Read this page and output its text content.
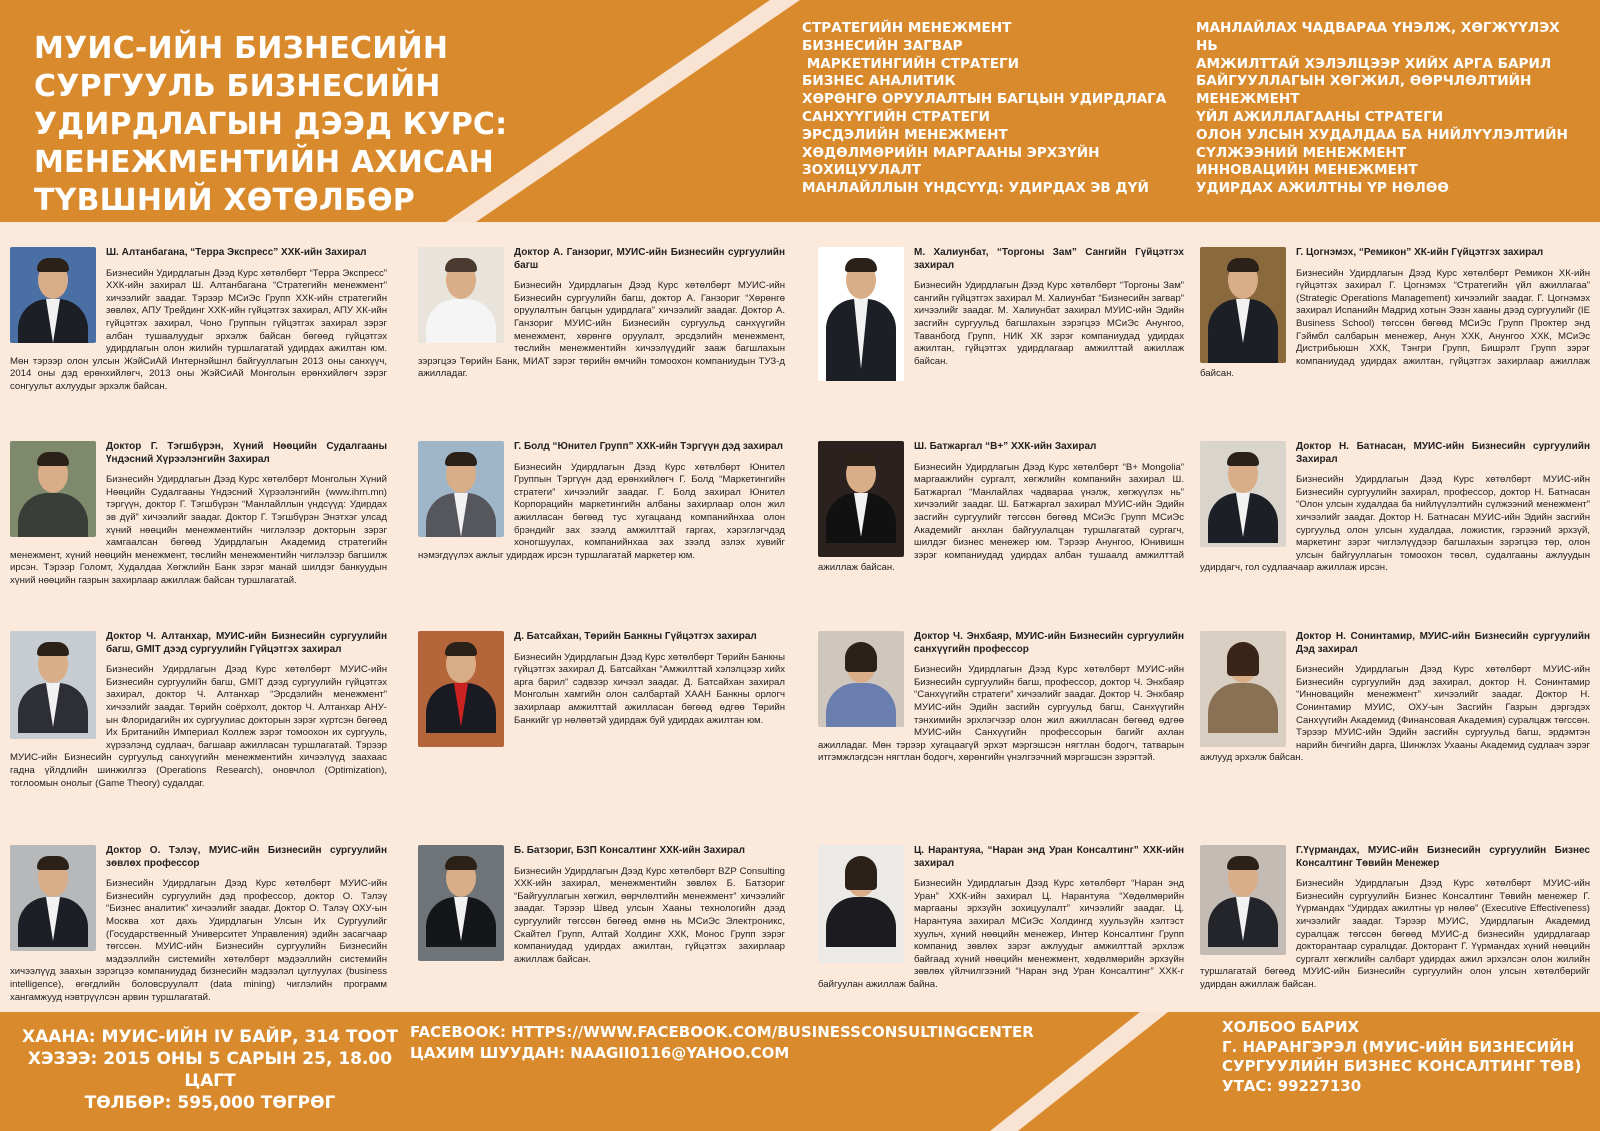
МУИС-ИЙН БИЗНЕСИЙН СУРГУУЛЬ БИЗНЕСИЙН УДИРДЛАГЫН ДЭЭД КУРС: МЕНЕЖМЕНТИЙН АХИСАН ТҮВШНИЙ ХӨТӨЛБӨР
СТРАТЕГИЙН МЕНЕЖМЕНТ
БИЗНЕСИЙН ЗАГВАР
МАРКЕТИНГИЙН СТРАТЕГИ
БИЗНЕС АНАЛИТИК
ХӨРӨНГӨ ОРУУЛАЛТЫН БАГЦЫН УДИРДЛАГА
САНХҮҮГИЙН СТРАТЕГИ
ЭРСДЭЛИЙН МЕНЕЖМЕНТ
ХӨДӨЛМӨРИЙН МАРГААНЫ ЭРХЗҮЙН
ЗОХИЦУУЛАЛТ
МАНЛАЙЛЛЫН ҮНДСҮҮД: УДИРДАХ ЭВ ДҮЙ
МАНЛАЙЛАХ ЧАДВАРАА ҮНЭЛЖ, ХӨГЖҮҮЛЭХ НЬ
АМЖИЛТТАЙ ХЭЛЭЛЦЭЭР ХИЙХ АРГА БАРИЛ
БАЙГУУЛЛАГЫН ХӨГЖИЛ, ӨӨРЧЛӨЛТИЙН МЕНЕЖМЕНТ
ҮЙЛ АЖИЛЛАГААНЫ СТРАТЕГИ
ОЛОН УЛСЫН ХУДАЛДАА БА НИЙЛҮҮЛЭЛТИЙН СҮЛЖЭЭНИЙ МЕНЕЖМЕНТ
ИННОВАЦИЙН МЕНЕЖМЕНТ
УДИРДАХ АЖИЛТНЫ ҮР НӨЛӨӨ
Ш. Алтанбагана, “Терра Экспресс” ХХК-ийн Захирал

Бизнесийн Удирдлагын Дээд Курс хөтөлбөрт “Терра Экспресс” ХХК-ийн захирал Ш. Алтанбагана “Стратегийн менежмент” хичээлийг заадаг. Тэрээр МСиЭс Групп ХХК-ийн стратегийн зөвлөх, АПУ Трейдинг ХХК-ийн гүйцэтгэх захирал, АПУ ХК-ийн гүйцэтгэх захирал, Чоно Группын гүйцэтгэх захирал зэрэг албан тушаалуудыг эрхэлж байсан бөгөөд гүйцэтгэх удирдлагын олон жилийн туршлагатай удирдах ажилтан юм. Мөн тэрээр олон улсын ЖэйСиАй Интернэйшнл байгууллагын 2013 оны санхүүч, 2014 оны дэд ерөнхийлөгч, 2013 оны ЖэйСиАй Монголын ерөнхийлөгч зэрэг сонгуульт ахлуудыг эрхэлж байсан.

Доктор А. Ганзориг, МУИС-ийн Бизнесийн сургуулийн багш

Бизнесийн Удирдлагын Дээд Курс хөтөлбөрт МУИС-ийн Бизнесийн сургуулийн багш, доктор А. Ганзориг “Хөрөнгө оруулалтын багцын удирдлага” хичээлийг заадаг. Доктор А. Ганзориг МУИС-ийн Бизнесийн сургуульд санхүүгийн менежмент, хөрөнгө оруулалт, эрсдэлийн менежмент, төслийн менежментийн хичээлүүдийг зааж багшлахын зэрэгцээ Төрийн Банк, МИАТ зэрэг төрийн өмчийн томоохон компаниудын ТУЗ-д ажилладаг.

М. Халиунбат, “Торгоны Зам” Сангийн Гүйцэтгэх захирал

Бизнесийн Удирдлагын Дээд Курс хөтөлбөрт “Торгоны Зам” сангийн гүйцэтгэх захирал М. Халиунбат “Бизнесийн загвар” хичээлийг заадаг. М. Халиунбат захирал МУИС-ийн Эдийн засгийн сургуульд багшлахын зэрэгцээ МСиЭс Анунгоо, Таванбогд Групп, НИК ХК зэрэг компаниудад удирдах ажилтан, гүйцэтгэх удирдлагаар амжилттай ажиллаж байсан.

Г. Цогнэмэх, “Ремикон” ХК-ийн Гүйцэтгэх захирал

Бизнесийн Удирдлагын Дээд Курс хөтөлбөрт Ремикон ХК-ийн гүйцэтгэх захирал Г. Цогнэмэх “Стратегийн үйл ажиллагаа” (Strategic Operations Management) хичээлийг заадаг. Г. Цогнэмэх захирал Испанийн Мадрид хотын Ээзн хааны дээд сургуулийг (IE Business School) төгссөн бөгөөд МСиЭс Групп Проктер энд Гэймбл салбарын менежер, Анун ХХК, Анунгоо ХХК, МСиЭс Дистрибьюшн ХХК, Тэнгри Групп, Бишрэлт Групп зэрэг компаниудад удирдах ажилтан, гүйцэтгэх захирлаар ажиллаж байсан.

Доктор Г. Тэгшбүрэн, Хүний Нөөцийн Судалгааны Үндэсний Хүрээлэнгийн Захирал

Бизнесийн Удирдлагын Дээд Курс хөтөлбөрт Монголын Хүний Нөөцийн Судалгааны Үндэсний Хүрээлэнгийн (www.ihrn.mn) тэргүүн, доктор Г. Тэгшбүрэн “Манлайллын үндсүүд: Удирдах эв дүй” хичээлийг заадаг. Доктор Г. Тэгшбүрэн Энэтхэг улсад хүний нөөцийн менежментийн чиглэлээр докторын зэрэг хамгаалсан бөгөөд Удирдлагын Академид стратегийн менежмент, хүний нөөцийн менежмент, төслийн менежментийн чиглэлээр багшилж ирсэн. Тэрээр Голомт, Худалдаа Хөгжлийн Банк зэрэг манай шилдэг банкуудын хүний нөөцийн газрын захирлаар ажиллаж байсан туршлагатай.

Г. Болд “Юнител Групп” ХХК-ийн Тэргүүн дэд захирал

Бизнесийн Удирдлагын Дээд Курс хөтөлбөрт Юнител Группын Тэргүүн дэд ерөнхийлөгч Г. Болд “Маркетингийн стратеги” хичээлийг заадаг. Г. Болд захирал Юнител Корпорацийн маркетингийн албаны захирлаар олон жил ажилласан бөгөөд тус хугацаанд компанийнхаа олон брэндийг зах зээлд амжилттай гаргах, хэрэглэгчдэд хоногшуулах, компанийнхаа зах зээлд эзлэх хувийг нэмэгдүүлэх ажлыг удирдаж ирсэн туршлагатай маркетер юм.

Ш. Батжаргал “В+” ХХК-ийн Захирал

Бизнесийн Удирдлагын Дээд Курс хөтөлбөрт “В+ Mongolia” маргаажлийн сургалт, хөгжлийн компанийн захирал Ш. Батжаргал “Манлайлах чадвараа үнэлж, хөгжүүлэх нь” хичээлийг заадаг. Ш. Батжаргал захирал МУИС-ийн Эдийн засгийн сургуулийг төгссөн бөгөөд МСиЭс Групп МСиЭс Академийг анхлан байгуулалцан туршлагатай сургагч, шилдэг бизнес менежер юм. Тэрээр Анунгоо, Юнивишн зэрэг компаниудад удирдах албан тушаалд амжилттай ажиллаж байсан.

Доктор Н. Батнасан, МУИС-ийн Бизнесийн сургуулийн Захирал

Бизнесийн Удирдлагын Дээд Курс хөтөлбөрт МУИС-ийн Бизнесийн сургуулийн захирал, профессор, доктор Н. Батнасан “Олон улсын худалдаа ба нийлүүлэлтийн сүлжээний менежмент” хичээлийг заадаг. Доктор Н. Батнасан МУИС-ийн Эдийн засгийн сургуульд олон улсын худалдаа, ложистик, гэрээний эрхзүй, маркетинг зэрэг чиглэлүүдээр багшлахын зэрэгцээ төр, олон улсын байгууллагын томоохон төсөл, судалгааны ажлуудын удирдагч, гол судлаачаар ажиллаж ирсэн.

Доктор Ч. Алтанхар, МУИС-ийн Бизнесийн сургуулийн багш, GMIT дээд сургуулийн Гүйцэтгэх захирал

Бизнесийн Удирдлагын Дээд Курс хөтөлбөрт МУИС-ийн Бизнесийн сургуулийн багш, GMIT дээд сургуулийн гүйцэтгэх захирал, доктор Ч. Алтанхар “Эрсдэлийн менежмент” хичээлийг заадаг. Төрийн соёрхолт, доктор Ч. Алтанхар АНУ-ын Флоридагийн их сургуулиас докторын зэрэг хүртсэн бөгөөд Их Британийн Империал Коллеж зэрэг томоохон их сургууль, хүрээлэнд судлаач, багшаар ажилласан туршлагатай. Тэрээр МУИС-ийн Бизнесийн сургуульд санхүүгийн менежментийн хичээлүүд заахаас гадна үйлдлийн шинжилгээ (Operations Research), оновчлол (Optimization), тоглоомын онолыг (Game Theory) судалдаг.

Д. Батсайхан, Төрийн Банкны Гүйцэтгэх захирал

Бизнесийн Удирдлагын Дээд Курс хөтөлбөрт Төрийн Банкны гүйцэтгэх захирал Д. Батсайхан “Амжилттай хэлэлцээр хийх арга барил” сэдвээр хичээл заадаг. Д. Батсайхан захирал Монголын хамгийн олон салбартай ХААН Банкны орлогч захирлаар амжилттай ажилласан бөгөөд өдгөө Төрийн Банкийг үр нөлөөтэй удирдаж буй удирдах ажилтан юм.

Доктор Ч. Энхбаяр, МУИС-ийн Бизнесийн сургуулийн санхүүгийн профессор

Бизнесийн Удирдлагын Дээд Курс хөтөлбөрт МУИС-ийн Бизнесийн сургуулийн багш, профессор, доктор Ч. Энхбаяр “Санхүүгийн стратеги” хичээлийг заадаг. Доктор Ч. Энхбаяр МУИС-ийн Эдийн засгийн сургуульд багш, Санхүүгийн тэнхимийн эрхлэгчээр олон жил ажилласан бөгөөд өдгөө МУИС-ийн Санхүүгийн профессорын багийг ахлан ажилладаг. Мөн тэрээр хугацаагүй эрхэт мэргэшсэн нягтлан бодогч, татварын итгэмжлэгдсэн нягтлан бодогч, хөрөнгийн үнэлгээчний мэргэшсэн зэрэгтэй.

Доктор Н. Сонинтамир, МУИС-ийн Бизнесийн сургуулийн Дэд захирал

Бизнесийн Удирдлагын Дээд Курс хөтөлбөрт МУИС-ийн Бизнесийн сургуулийн дэд захирал, доктор Н. Сонинтамир “Инновацийн менежмент” хичээлийг заадаг. Доктор Н. Сонинтамир МУИС, ОХУ-ын Засгийн Газрын дэргэдэх Санхүүгийн Академид (Финансовая Академия) суралцаж төгссөн. Тэрээр МУИС-ийн Эдийн засгийн сургуульд багш, эрдэмтэн нарийн бичгийн дарга, Шинжлэх Ухааны Академид судлаач зэрэг ажлууд эрхэлж байсан.

Доктор О. Тэлэү, МУИС-ийн Бизнесийн сургуулийн зөвлөх профессор

Бизнесийн Удирдлагын Дээд Курс хөтөлбөрт МУИС-ийн Бизнесийн сургуулийн дэд профессор, доктор О. Тэлэү “Бизнес аналитик” хичээлийг заадаг. Доктор О. Тэлэү ОХУ-ын Москва хот дахь Удирдлагын Улсын Их Сургуулийг (Государственный Университет Управления) эдийн засагчаар төгссөн. МУИС-ийн Бизнесийн сургуулийн Бизнесийн мэдээллийн системийн хөтөлбөрт мэдээллийн системийн хичээлүүд заахын зэрэгцээ компаниудад бизнесийн мэдээлэл цуглуулах (business intelligence), өгөгдлийн боловсруулалт (data mining) чиглэлийн программ хангамжууд нэвтрүүлсэн арвин туршлагатай.

Б. Батзориг, БЗП Консалтинг ХХК-ийн Захирал

Бизнесийн Удирдлагын Дээд Курс хөтөлбөрт BZP Consulting ХХК-ийн захирал, менежментийн зөвлөх Б. Батзориг “Байгууллагын хөгжил, өөрчлөлтийн менежмент” хичээлийг заадаг. Тэрээр Швед улсын Хааны технологийн дээд сургуулийг төгссөн бөгөөд өмнө нь МСиЭс Электроникс, Скайтел Групп, Алтай Холдинг ХХК, Монос Групп зэрэг компаниудад удирдах ажилтан, гүйцэтгэх захирлаар ажиллаж байсан.

Ц. Нарантуяа, “Наран энд Уран Консалтинг” ХХК-ийн захирал

Бизнесийн Удирдлагын Дээд Курс хөтөлбөрт “Наран энд Уран” ХХК-ийн захирал Ц. Нарантуяа “Хөдөлмөрийн маргааны эрхзүйн зохицуулалт” хичээлийг заадаг. Ц. Нарантуяа захирал МСиЭс Холдингд хуульзүйн хэлтэст хуульч, хүний нөөцийн менежер, Интер Консалтинг Групп компанид зөвлөх зэрэг ажлуудыг амжилттай эрхлэж байгаад хүний нөөцийн менежмент, хөдөлмөрийн эрхзүйн зөвлөх үйлчилгээний “Наран энд Уран Консалтинг” ХХК-г байгуулан ажиллаж байна.

Г.Үүрмандах, МУИС-ийн Бизнесийн сургуулийн Бизнес Консалтинг Төвийн Менежер

Бизнесийн Удирдлагын Дээд Курс хөтөлбөрт МУИС-ийн Бизнесийн сургуулийн Бизнес Консалтинг Төвийн менежер Г. Үүрмандах “Удирдах ажилтны үр нөлөө” (Executive Effectiveness) хичээлийг заадаг. Тэрээр МУИС, Удирдлагын Академид суралцаж төгссөн бөгөөд МУИС-д бизнесийн удирдлагаар докторантаар суралцдаг. Докторант Г. Үүрмандах хүний нөөцийн сургалт хөгжлийн салбарт удирдах ажил эрхэлсэн олон жилийн туршлагатай бөгөөд МУИС-ийн Бизнесийн сургуулийн олон улсын хөтөлбөрийг удирдан ажиллаж байсан.

ХААНА: МУИС-ИЙН IV БАЙР, 314 ТООТ
ХЭЗЭЭ: 2015 ОНЫ 5 САРЫН 25, 18.00 ЦАГТ
ТӨЛБӨР: 595,000 ТӨГРӨГ
FACEBOOK: HTTPS://WWW.FACEBOOK.COM/BUSINESSCONSULTINGCENTER
ЦАХИМ ШУУДАН: NAAGII0116@YAHOO.COM
ХОЛБОО БАРИХ
Г. НАРАНГЭРЭЛ (МУИС-ИЙН БИЗНЕСИЙН СУРГУУЛИЙН БИЗНЕС КОНСАЛТИНГ ТӨВ)
УТАС: 99227130
